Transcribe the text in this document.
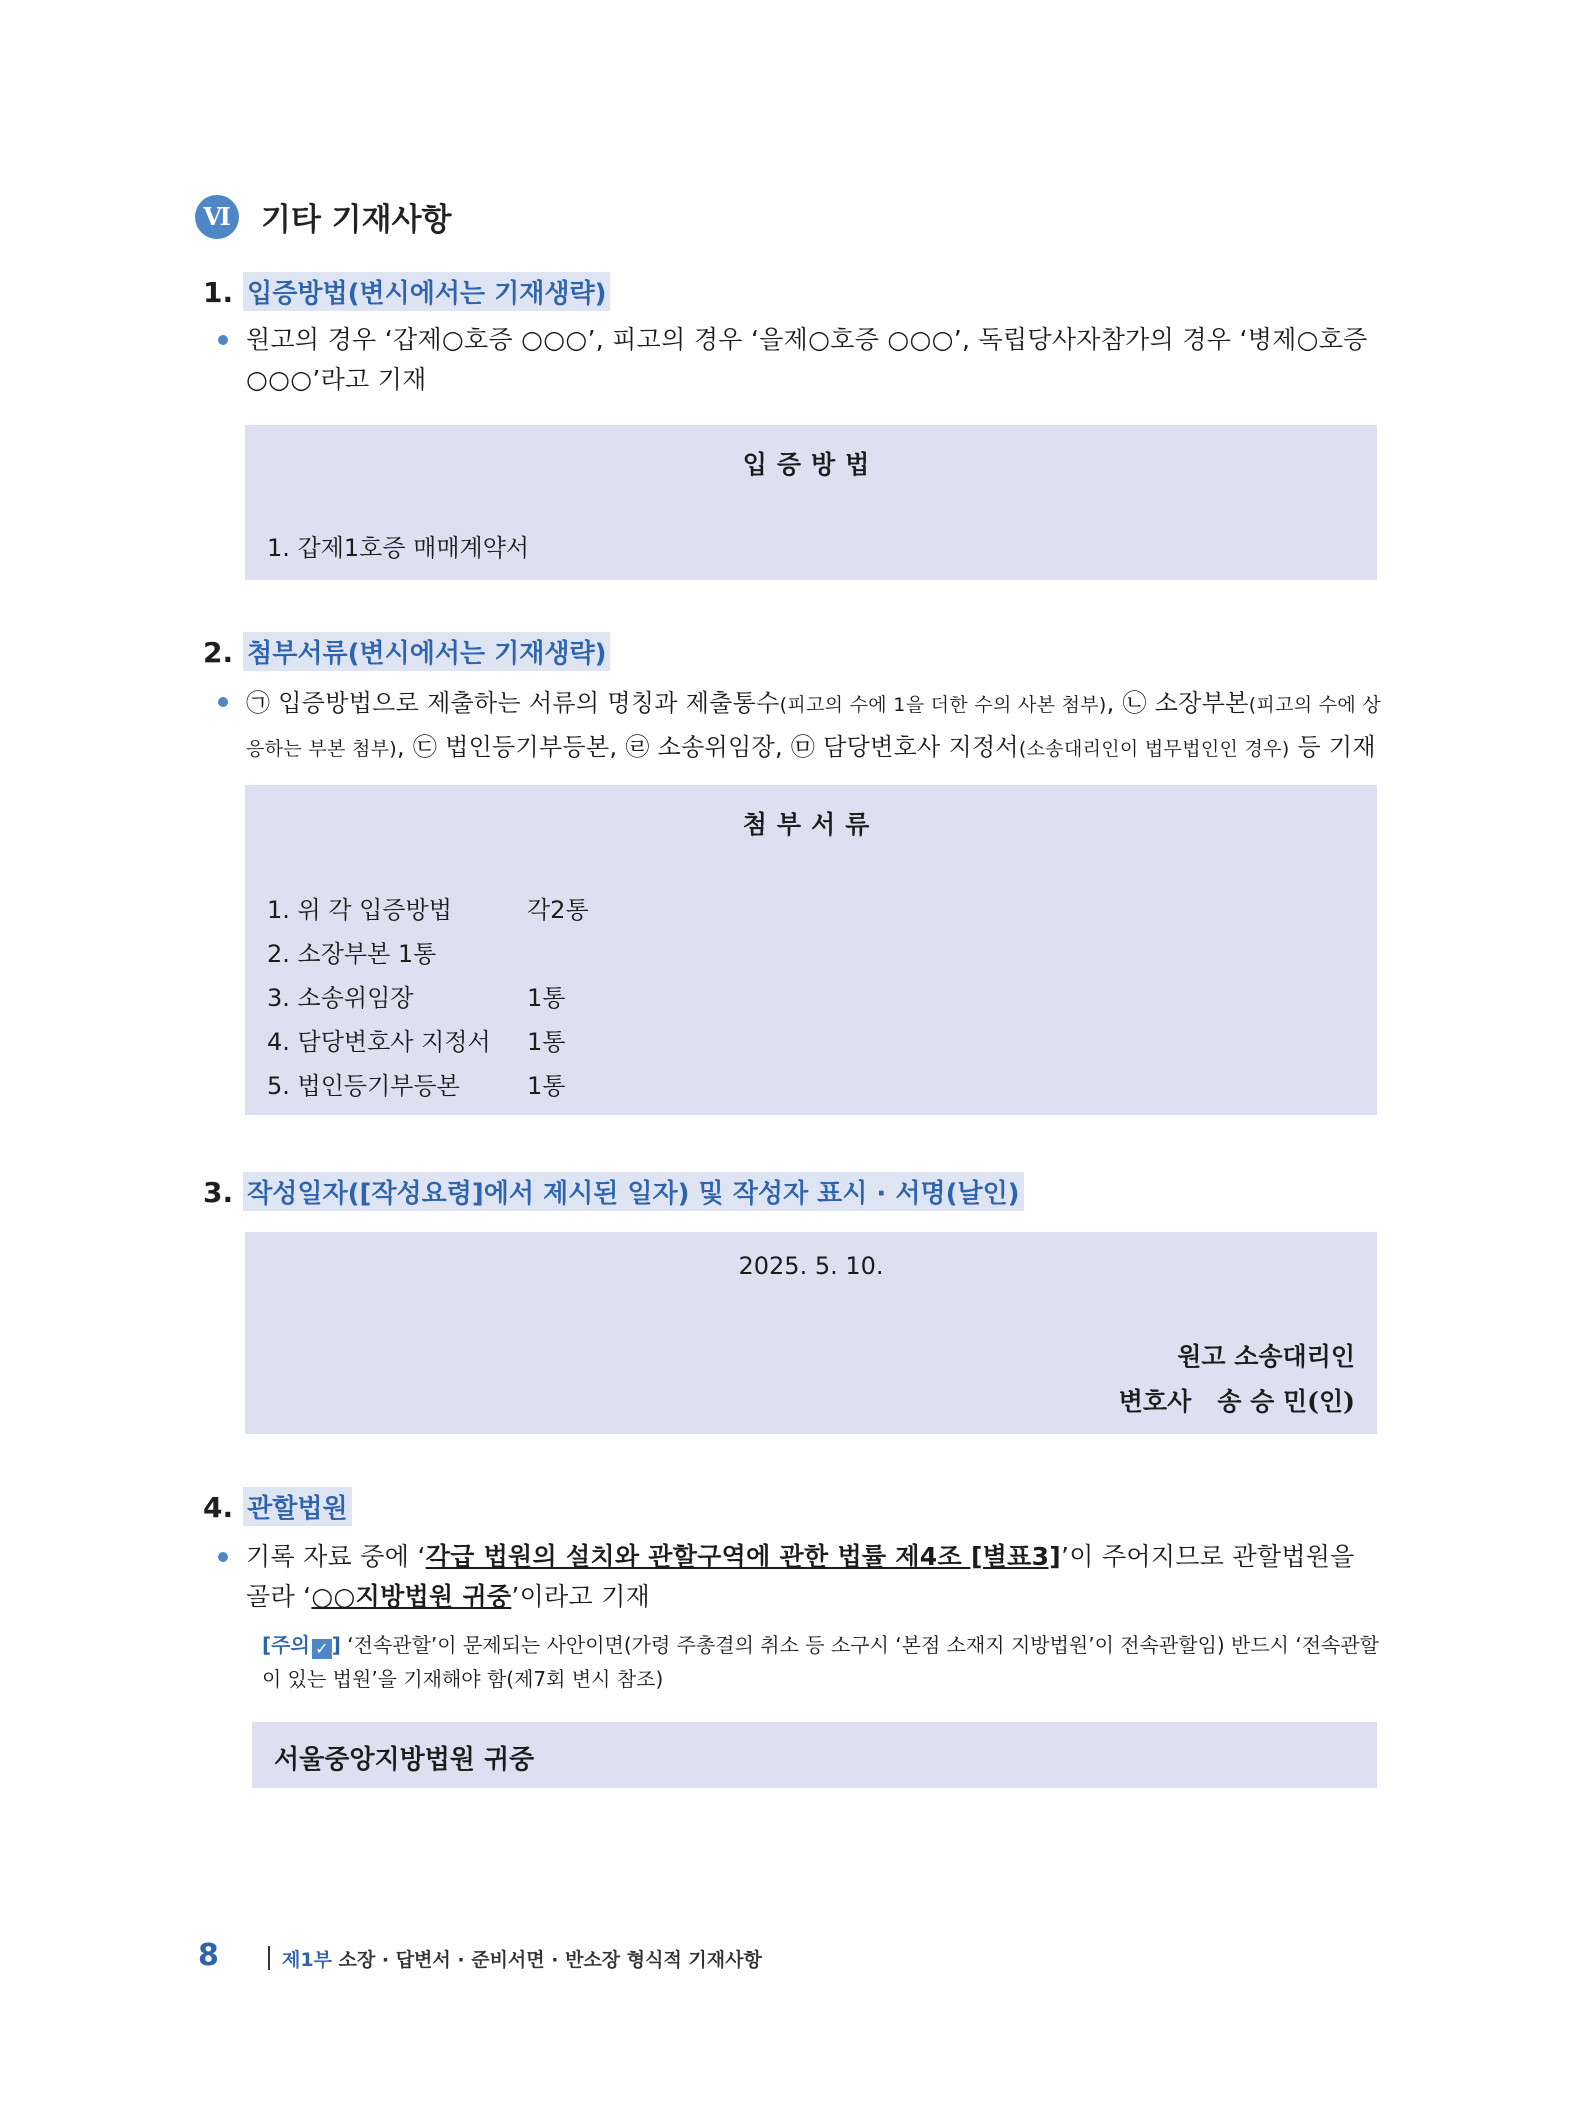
Ⅵ 기타 기재사항
1. 입증방법(변시에서는 기재생략)
원고의 경우 ‘갑제○호증 ○○○’, 피고의 경우 ‘을제○호증 ○○○’, 독립당사자참가의 경우 ‘병제○호증 ○○○’라고 기재
입증방법
1. 갑제1호증 매매계약서
2. 첨부서류(변시에서는 기재생략)
㉠ 입증방법으로 제출하는 서류의 명칭과 제출통수(피고의 수에 1을 더한 수의 사본 첨부), ㉡ 소장부본(피고의 수에 상응하는 부본 첨부), ㉢ 법인등기부등본, ㉣ 소송위임장, ㉤ 담당변호사 지정서(소송대리인이 법무법인인 경우) 등 기재
첨부서류
1. 위 각 입증방법	각2통
2. 소장부본 1통
3. 소송위임장	1통
4. 담당변호사 지정서 1통
5. 법인등기부등본	1통
3. 작성일자([작성요령]에서 제시된 일자) 및 작성자 표시 · 서명(날인)
2025. 5. 10.
원고 소송대리인
변호사   송 승 민(인)
4. 관할법원
기록 자료 중에 ‘각급 법원의 설치와 관할구역에 관한 법률 제4조 [별표3]’이 주어지므로 관할법원을 골라 ‘○○지방법원 귀중’이라고 기재
[주의 ✓ ] ‘전속관할’이 문제되는 사안이면(가령 주총결의 취소 등 소구시 ‘본점 소재지 지방법원’이 전속관할임) 반드시 ‘전속관할이 있는 법원’을 기재해야 함(제7회 변시 참조)
서울중앙지방법원 귀중
8	제1부 소장 · 답변서 · 준비서면 · 반소장 형식적 기재사항
